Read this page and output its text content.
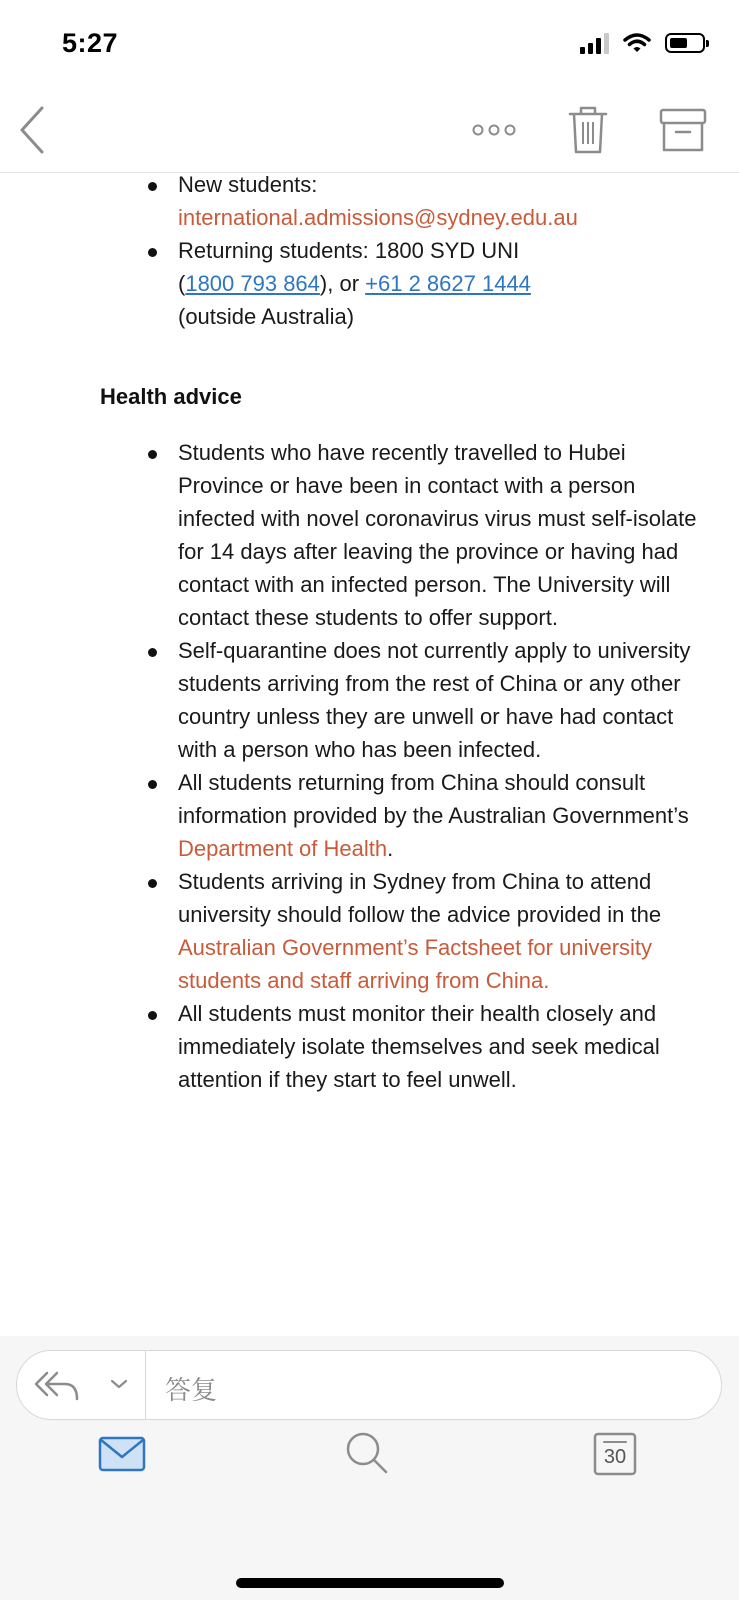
5:27
New students:
international.admissions@sydney.edu.au
Returning students: 1800 SYD UNI
(1800 793 864), or +61 2 8627 1444
(outside Australia)
Health advice
Students who have recently travelled to Hubei Province or have been in contact with a person infected with novel coronavirus virus must self-isolate for 14 days after leaving the province or having had contact with an infected person. The University will contact these students to offer support.
Self-quarantine does not currently apply to university students arriving from the rest of China or any other country unless they are unwell or have had contact with a person who has been infected.
All students returning from China should consult information provided by the Australian Government’s Department of Health.
Students arriving in Sydney from China to attend university should follow the advice provided in the Australian Government’s Factsheet for university students and staff arriving from China.
All students must monitor their health closely and immediately isolate themselves and seek medical attention if they start to feel unwell.
答复
30
